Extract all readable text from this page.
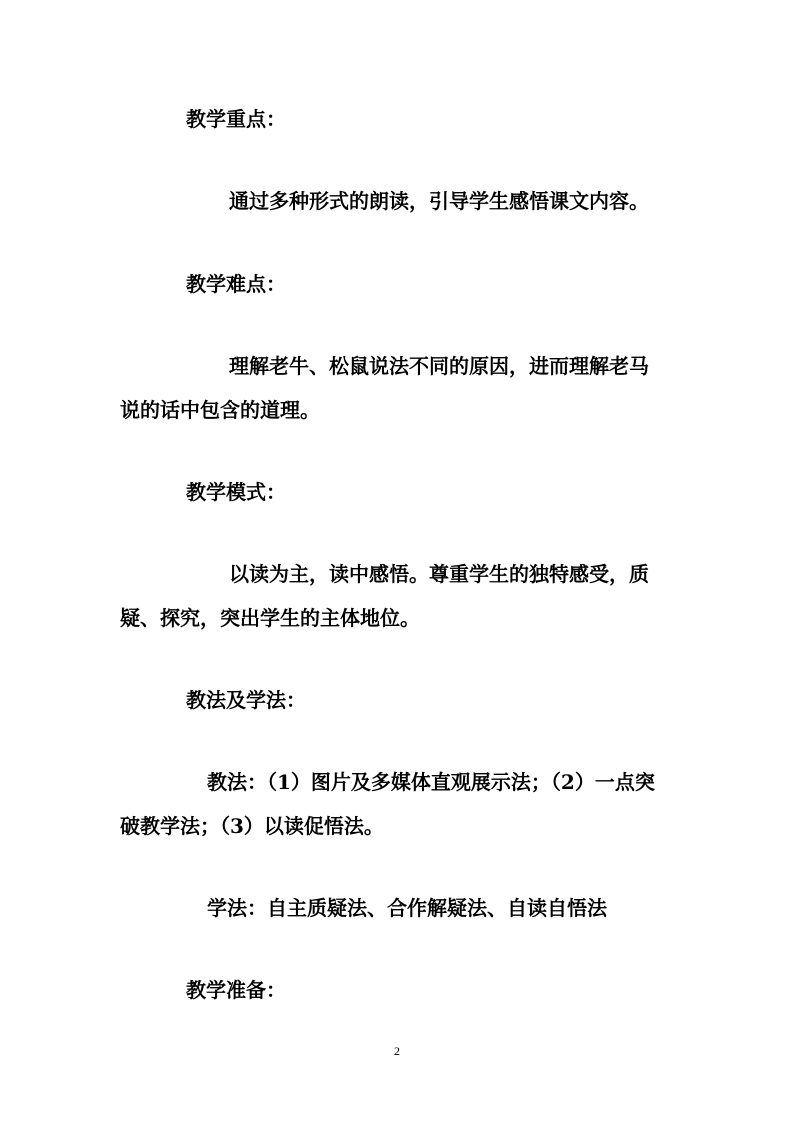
教学重点：

通过多种形式的朗读，引导学生感悟课文内容。

教学难点：

理解老牛、松鼠说法不同的原因，进而理解老马

说的话中包含的道理。

教学模式：

以读为主，读中感悟。尊重学生的独特感受，质

疑、探究，突出学生的主体地位。

教法及学法：

教法：（1）图片及多媒体直观展示法；（2）一点突

破教学法；（3）以读促悟法。

学法：自主质疑法、合作解疑法、自读自悟法

教学准备：

2
